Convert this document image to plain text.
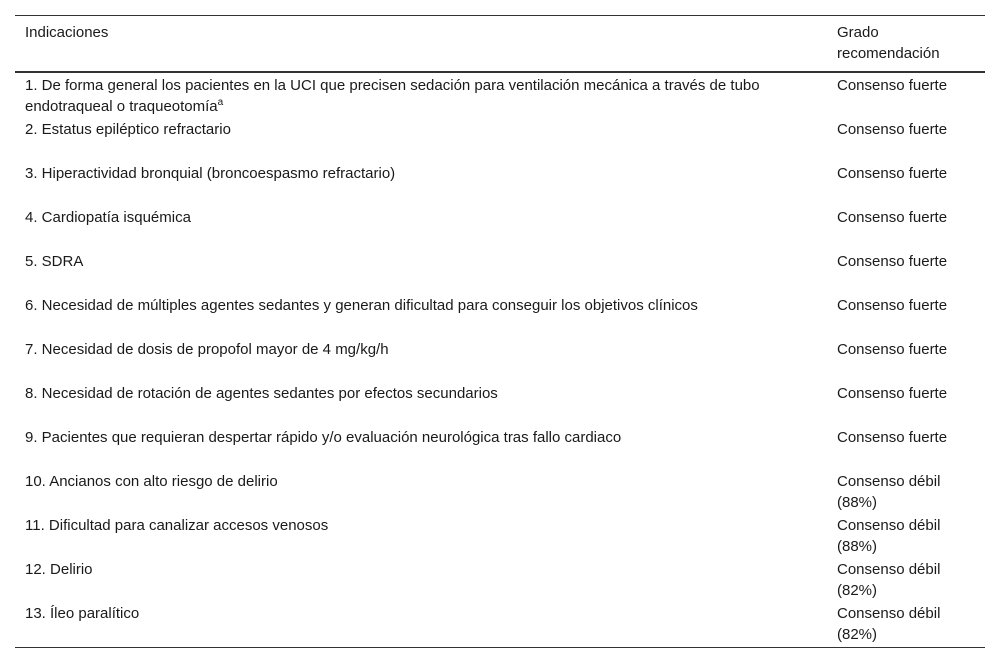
Indicaciones	Grado recomendación
1. De forma general los pacientes en la UCI que precisen sedación para ventilación mecánica a través de tubo endotraqueal o traqueotomía$^a$	Consenso fuerte
2. Estatus epiléptico refractario	Consenso fuerte
3. Hiperactividad bronquial (broncoespasmo refractario)	Consenso fuerte
4. Cardiopatía isquémica	Consenso fuerte
5. SDRA	Consenso fuerte
6. Necesidad de múltiples agentes sedantes y generan dificultad para conseguir los objetivos clínicos	Consenso fuerte
7. Necesidad de dosis de propofol mayor de 4 mg/kg/h	Consenso fuerte
8. Necesidad de rotación de agentes sedantes por efectos secundarios	Consenso fuerte
9. Pacientes que requieran despertar rápido y/o evaluación neurológica tras fallo cardiaco	Consenso fuerte
10. Ancianos con alto riesgo de delirio	Consenso débil (88%)
11. Dificultad para canalizar accesos venosos	Consenso débil (88%)
12. Delirio	Consenso débil (82%)
13. Íleo paralítico	Consenso débil (82%)
